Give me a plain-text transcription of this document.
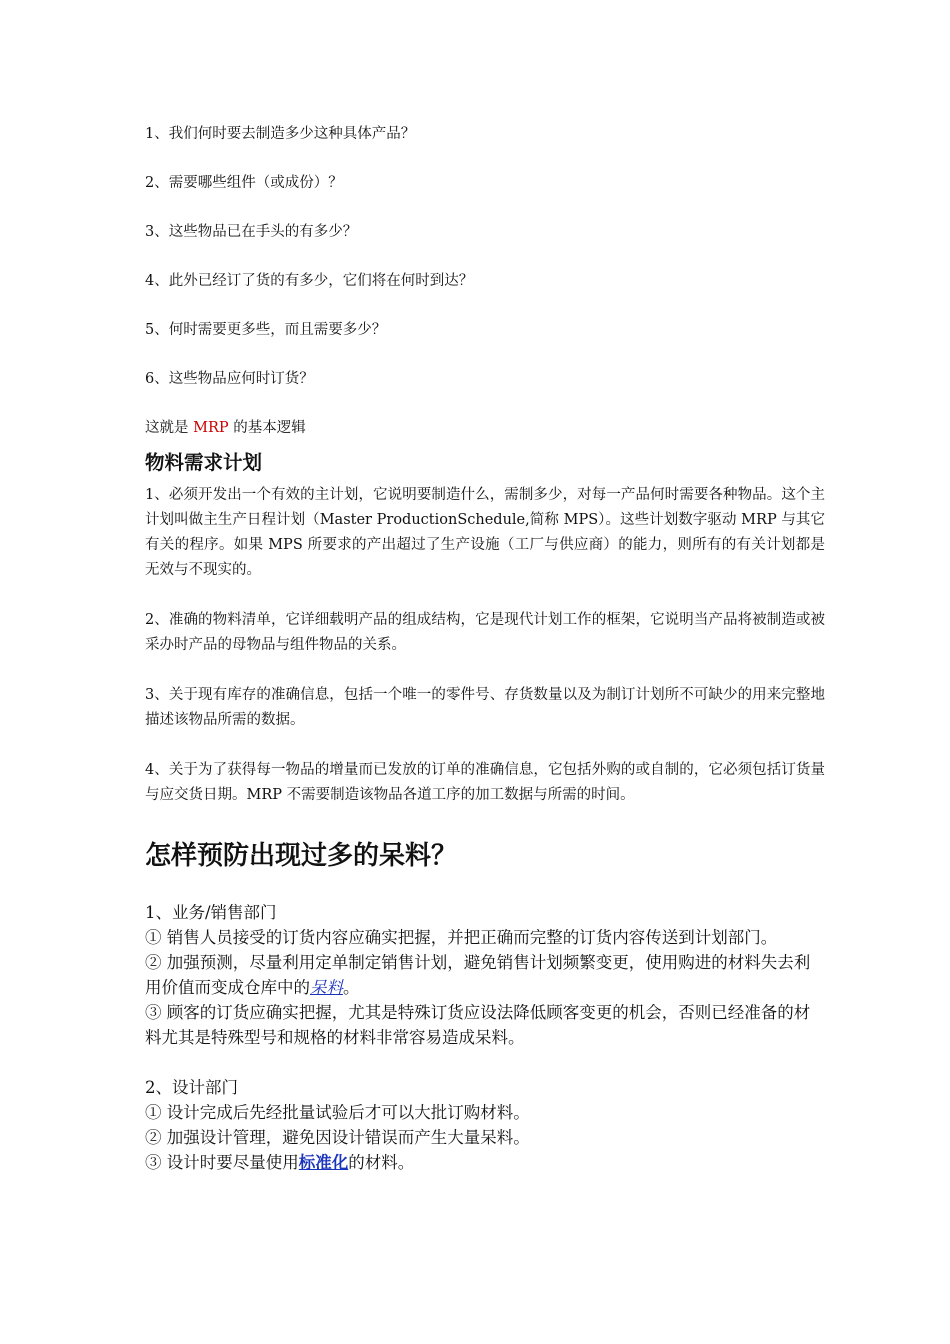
1、我们何时要去制造多少这种具体产品？

2、需要哪些组件（或成份）？

3、这些物品已在手头的有多少？

4、此外已经订了货的有多少，它们将在何时到达？

5、何时需要更多些，而且需要多少？

6、这些物品应何时订货？

这就是 MRP 的基本逻辑

物料需求计划

1、必须开发出一个有效的主计划，它说明要制造什么，需制多少，对每一产品何时需要各种物品。这个主计划叫做主生产日程计划（Master ProductionSchedule,简称 MPS）。这些计划数字驱动 MRP 与其它有关的程序。如果 MPS 所要求的产出超过了生产设施（工厂与供应商）的能力，则所有的有关计划都是无效与不现实的。

2、准确的物料清单，它详细载明产品的组成结构，它是现代计划工作的框架，它说明当产品将被制造或被采办时产品的母物品与组件物品的关系。

3、关于现有库存的准确信息，包括一个唯一的零件号、存货数量以及为制订计划所不可缺少的用来完整地描述该物品所需的数据。

4、关于为了获得每一物品的增量而已发放的订单的准确信息，它包括外购的或自制的，它必须包括订货量与应交货日期。MRP 不需要制造该物品各道工序的加工数据与所需的时间。

怎样预防出现过多的呆料？

1、业务/销售部门

① 销售人员接受的订货内容应确实把握，并把正确而完整的订货内容传送到计划部门。

② 加强预测，尽量利用定单制定销售计划，避免销售计划频繁变更，使用购进的材料失去利用价值而变成仓库中的呆料。

③ 顾客的订货应确实把握，尤其是特殊订货应设法降低顾客变更的机会，否则已经准备的材料尤其是特殊型号和规格的材料非常容易造成呆料。

2、设计部门

① 设计完成后先经批量试验后才可以大批订购材料。

② 加强设计管理，避免因设计错误而产生大量呆料。

③ 设计时要尽量使用标准化的材料。
